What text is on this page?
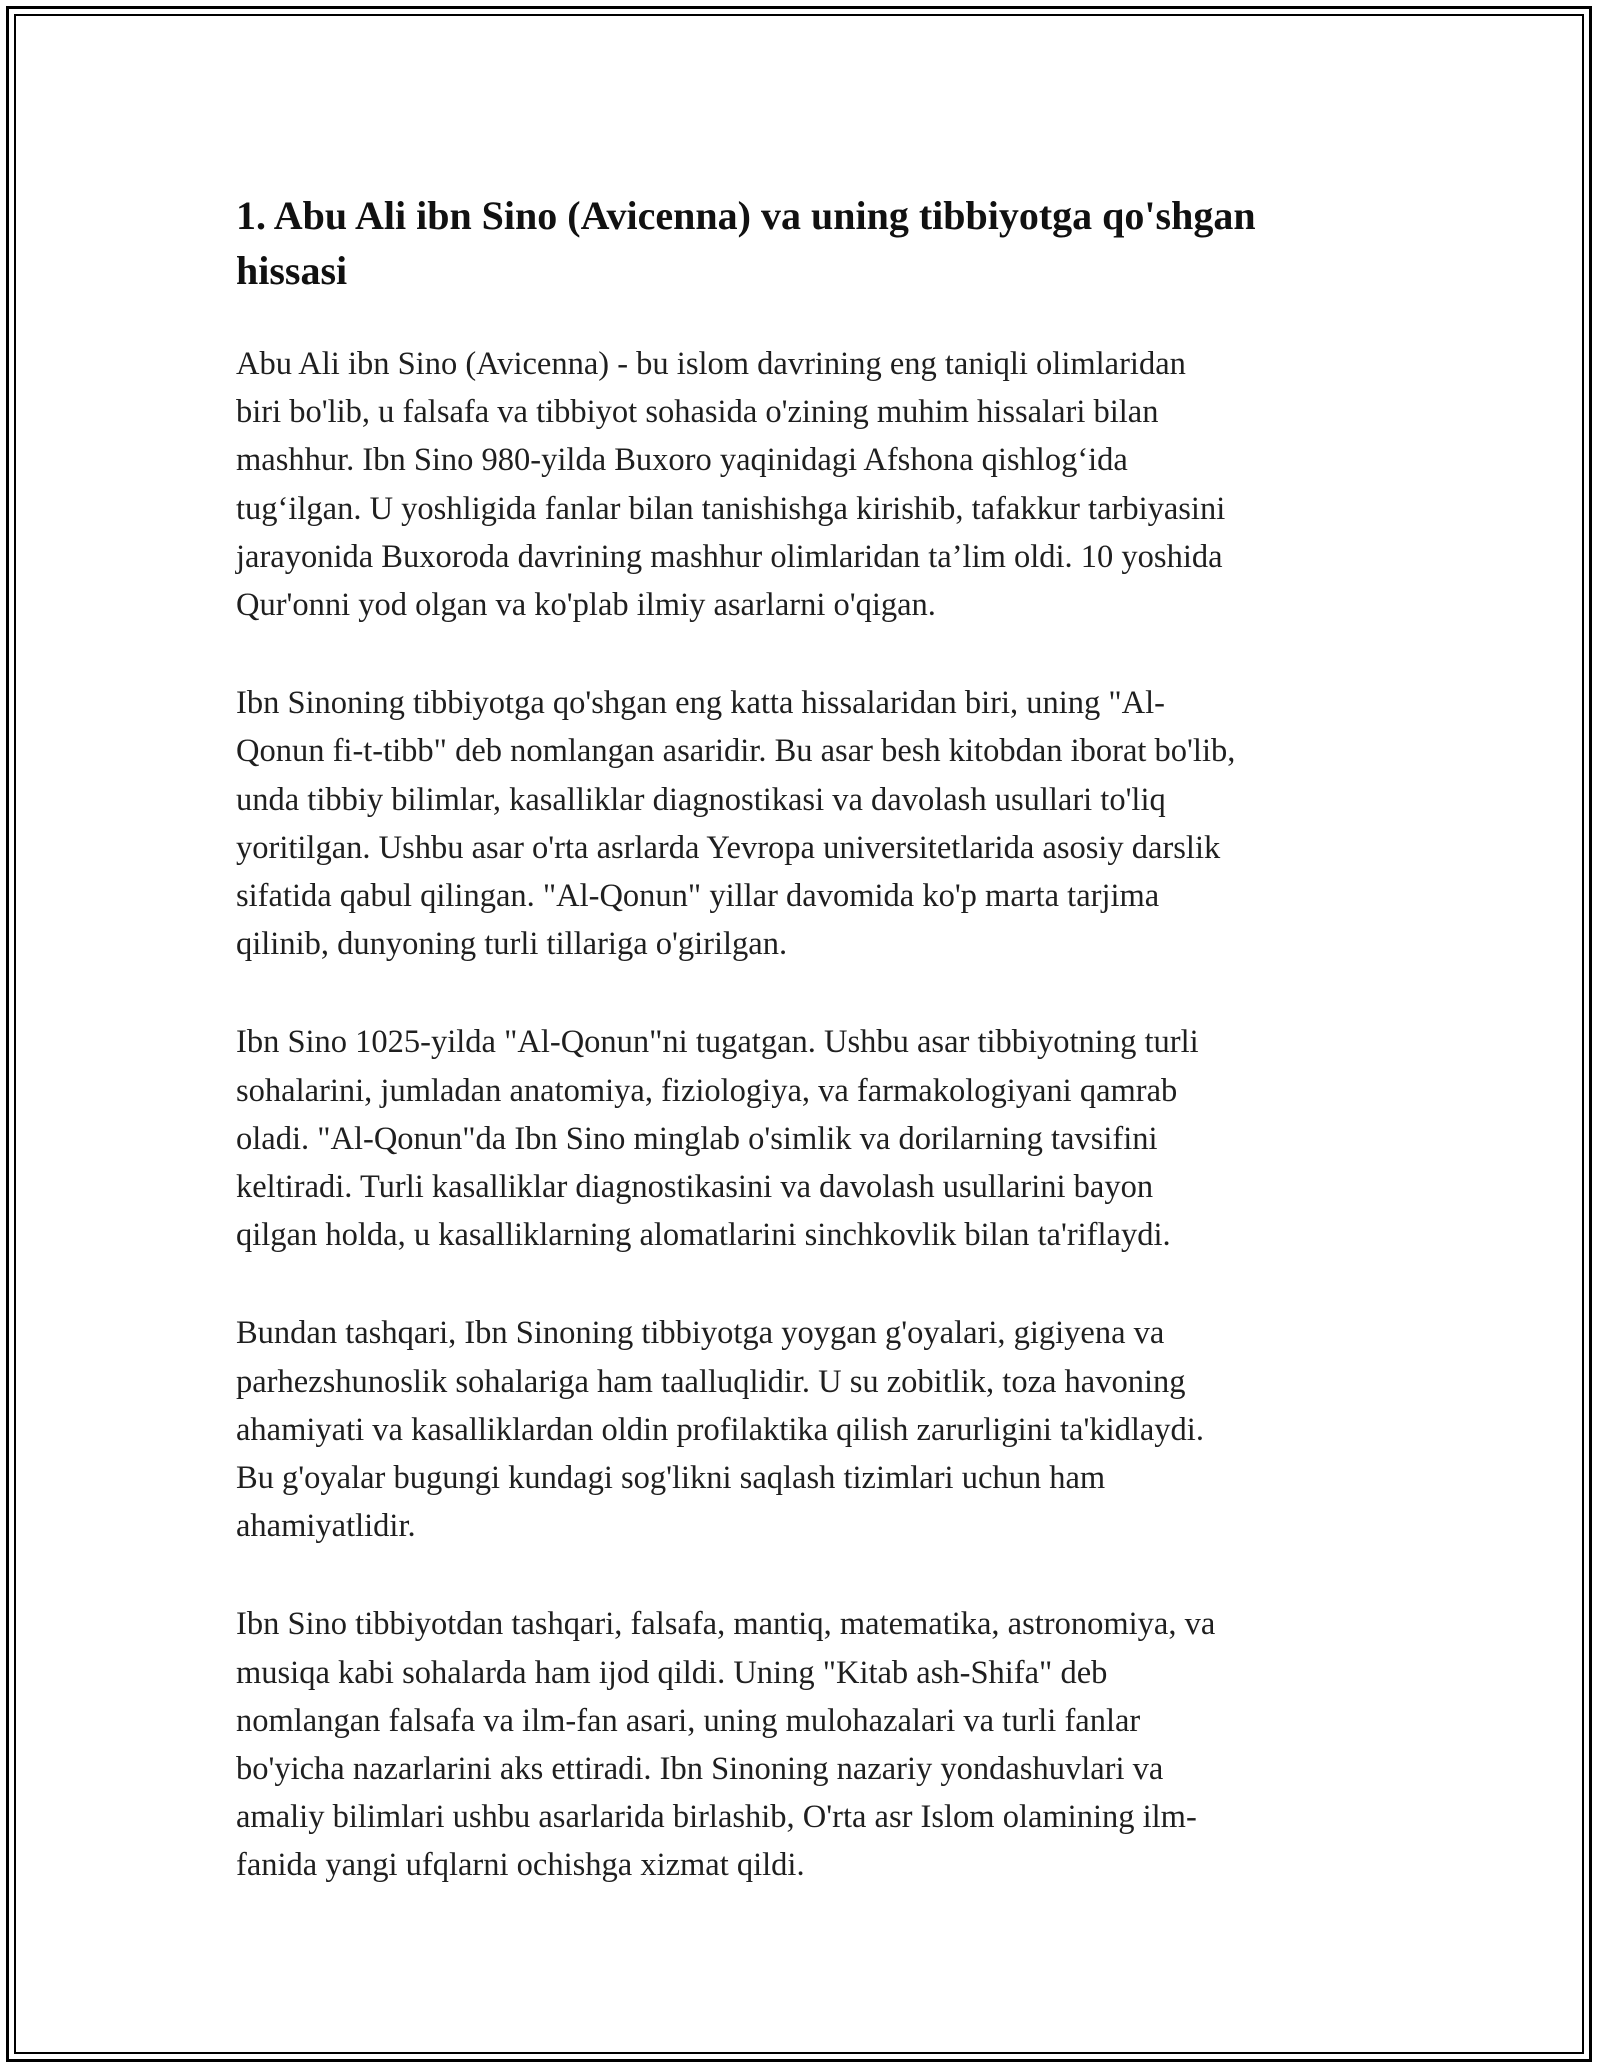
1. Abu Ali ibn Sino (Avicenna) va uning tibbiyotga qo'shgan
hissasi

Abu Ali ibn Sino (Avicenna) - bu islom davrining eng taniqli olimlaridan
biri bo'lib, u falsafa va tibbiyot sohasida o'zining muhim hissalari bilan
mashhur. Ibn Sino 980-yilda Buxoro yaqinidagi Afshona qishlog‘ida
tug‘ilgan. U yoshligida fanlar bilan tanishishga kirishib, tafakkur tarbiyasini
jarayonida Buxoroda davrining mashhur olimlaridan ta’lim oldi. 10 yoshida
Qur'onni yod olgan va ko'plab ilmiy asarlarni o'qigan.

Ibn Sinoning tibbiyotga qo'shgan eng katta hissalaridan biri, uning "Al-
Qonun fi-t-tibb" deb nomlangan asaridir. Bu asar besh kitobdan iborat bo'lib,
unda tibbiy bilimlar, kasalliklar diagnostikasi va davolash usullari to'liq
yoritilgan. Ushbu asar o'rta asrlarda Yevropa universitetlarida asosiy darslik
sifatida qabul qilingan. "Al-Qonun" yillar davomida ko'p marta tarjima
qilinib, dunyoning turli tillariga o'girilgan.

Ibn Sino 1025-yilda "Al-Qonun"ni tugatgan. Ushbu asar tibbiyotning turli
sohalarini, jumladan anatomiya, fiziologiya, va farmakologiyani qamrab
oladi. "Al-Qonun"da Ibn Sino minglab o'simlik va dorilarning tavsifini
keltiradi. Turli kasalliklar diagnostikasini va davolash usullarini bayon
qilgan holda, u kasalliklarning alomatlarini sinchkovlik bilan ta'riflaydi.

Bundan tashqari, Ibn Sinoning tibbiyotga yoygan g'oyalari, gigiyena va
parhezshunoslik sohalariga ham taalluqlidir. U su zobitlik, toza havoning
ahamiyati va kasalliklardan oldin profilaktika qilish zarurligini ta'kidlaydi.
Bu g'oyalar bugungi kundagi sog'likni saqlash tizimlari uchun ham
ahamiyatlidir.

Ibn Sino tibbiyotdan tashqari, falsafa, mantiq, matematika, astronomiya, va
musiqa kabi sohalarda ham ijod qildi. Uning "Kitab ash-Shifa" deb
nomlangan falsafa va ilm-fan asari, uning mulohazalari va turli fanlar
bo'yicha nazarlarini aks ettiradi. Ibn Sinoning nazariy yondashuvlari va
amaliy bilimlari ushbu asarlarida birlashib, O'rta asr Islom olamining ilm-
fanida yangi ufqlarni ochishga xizmat qildi.
